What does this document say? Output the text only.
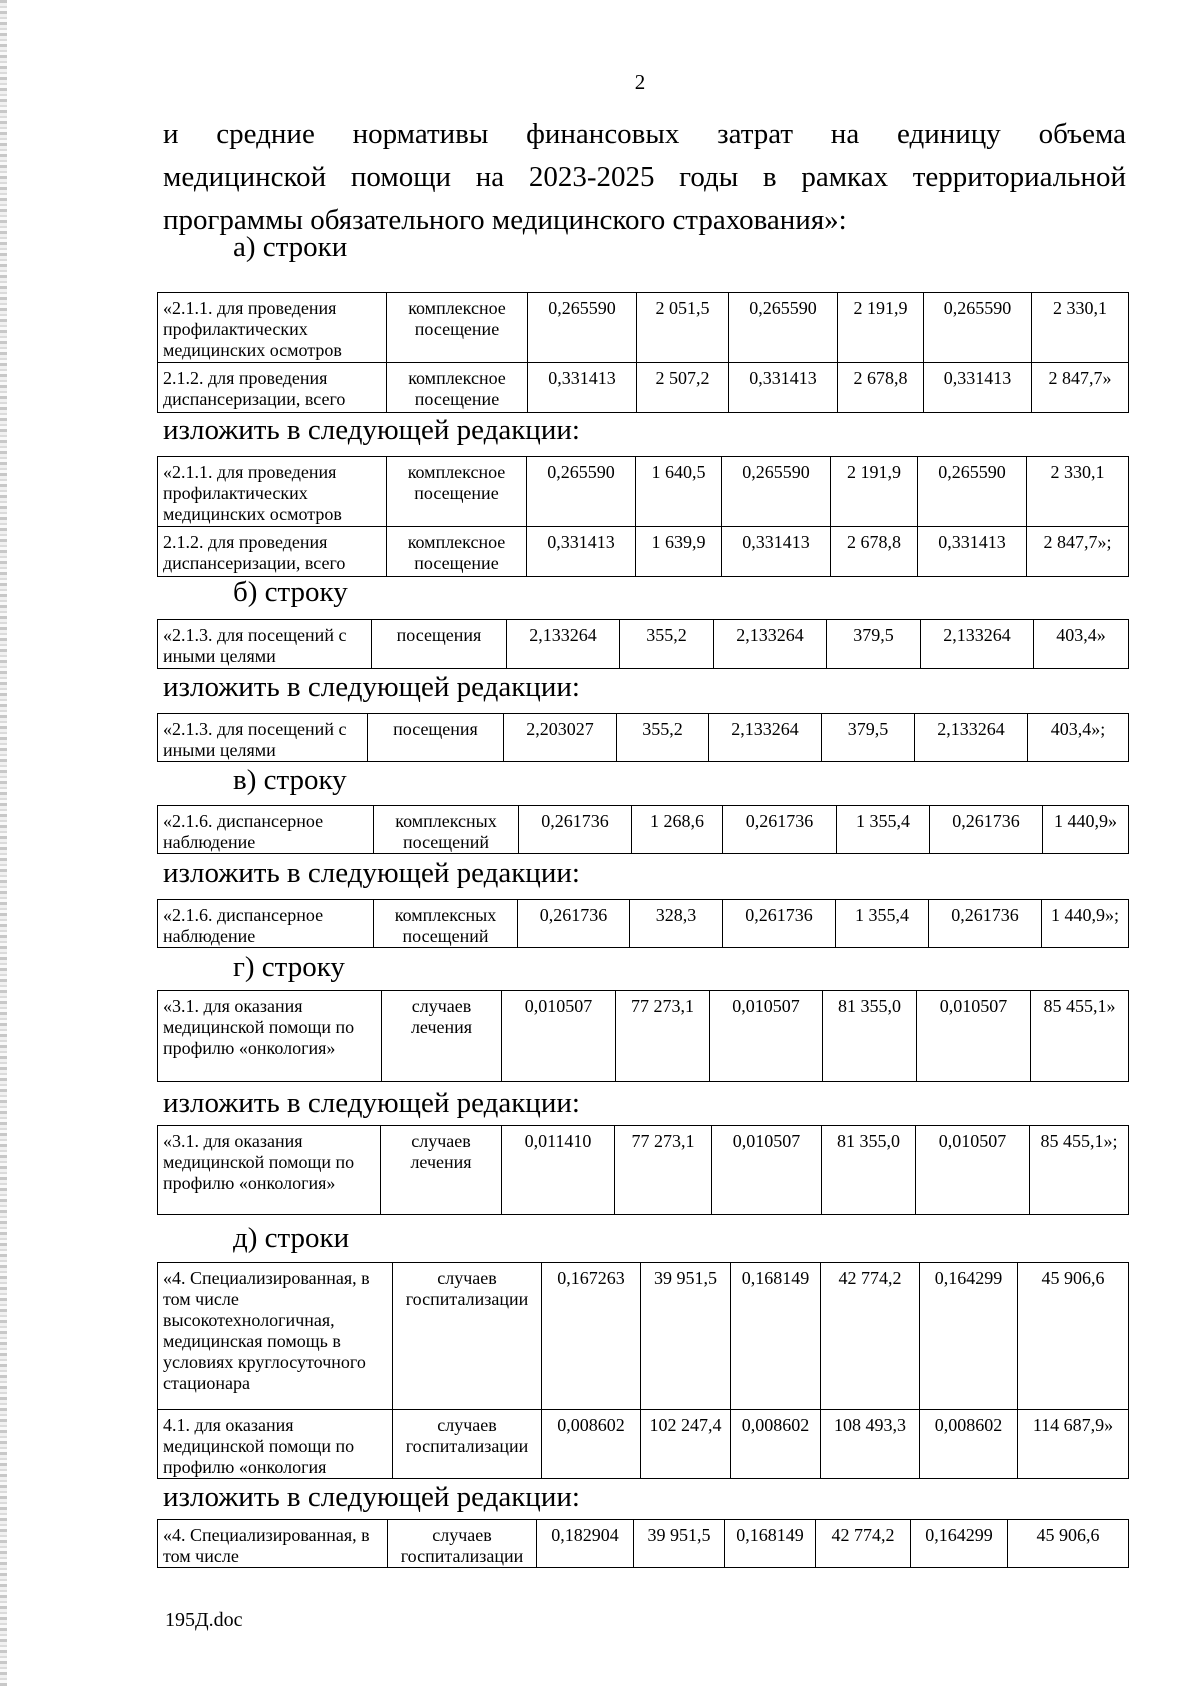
2
и средние нормативы финансовых затрат на единицу объема
медицинской помощи на 2023-2025 годы в рамках территориальной
программы обязательного медицинского страхования»:
а) строки
«2.1.1. для проведения профилактических медицинских осмотров	комплексное посещение	0,265590	2 051,5	0,265590	2 191,9	0,265590	2 330,1
2.1.2. для проведения диспансеризации, всего	комплексное посещение	0,331413	2 507,2	0,331413	2 678,8	0,331413	2 847,7»
изложить в следующей редакции:
«2.1.1. для проведения профилактических медицинских осмотров	комплексное посещение	0,265590	1 640,5	0,265590	2 191,9	0,265590	2 330,1
2.1.2. для проведения диспансеризации, всего	комплексное посещение	0,331413	1 639,9	0,331413	2 678,8	0,331413	2 847,7»;
б) строку
«2.1.3. для посещений с иными целями	посещения	2,133264	355,2	2,133264	379,5	2,133264	403,4»
изложить в следующей редакции:
«2.1.3. для посещений с иными целями	посещения	2,203027	355,2	2,133264	379,5	2,133264	403,4»;
в) строку
«2.1.6. диспансерное наблюдение	комплексных посещений	0,261736	1 268,6	0,261736	1 355,4	0,261736	1 440,9»
изложить в следующей редакции:
«2.1.6. диспансерное наблюдение	комплексных посещений	0,261736	328,3	0,261736	1 355,4	0,261736	1 440,9»;
г) строку
«3.1. для оказания медицинской помощи по профилю «онкология»	случаев лечения	0,010507	77 273,1	0,010507	81 355,0	0,010507	85 455,1»
изложить в следующей редакции:
«3.1. для оказания медицинской помощи по профилю «онкология»	случаев лечения	0,011410	77 273,1	0,010507	81 355,0	0,010507	85 455,1»;
д) строки
«4. Специализированная, в том числе высокотехнологичная, медицинская помощь в условиях круглосуточного стационара	случаев госпитализации	0,167263	39 951,5	0,168149	42 774,2	0,164299	45 906,6
4.1. для оказания медицинской помощи по профилю «онкология	случаев госпитализации	0,008602	102 247,4	0,008602	108 493,3	0,008602	114 687,9»
изложить в следующей редакции:
«4. Специализированная, в том числе	случаев госпитализации	0,182904	39 951,5	0,168149	42 774,2	0,164299	45 906,6
195Д.doc
